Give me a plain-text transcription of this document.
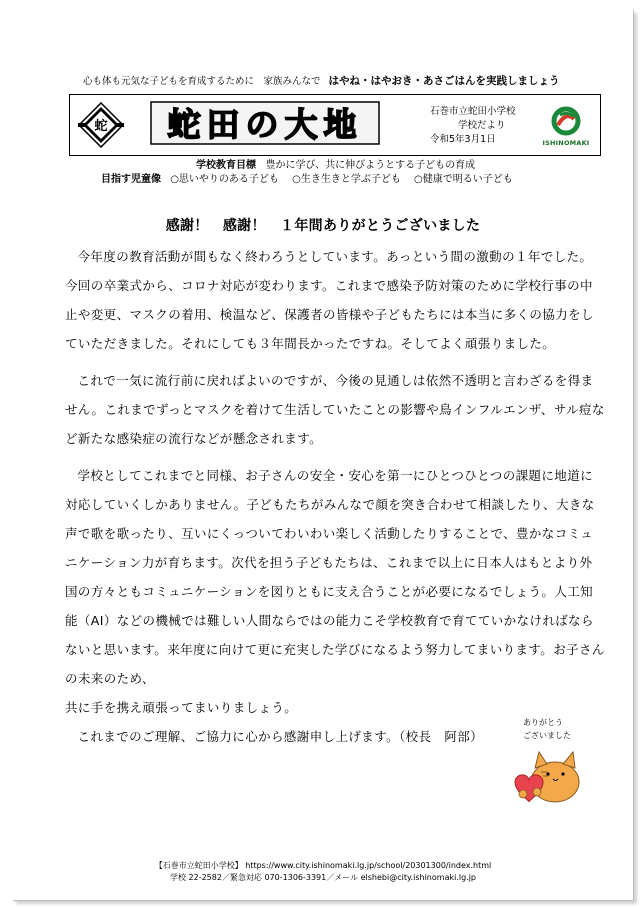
心も体も元気な子どもを育成するために　家族みんなで はやね・はやおき・あさごはんを実践しましょう
蛇 蛇田の大地	石巻市立蛇田小学校
学校だより
令和5年3月1日	ISHINOMAKI
学校教育目標 豊かに学び、共に伸びようとする子どもの育成
目指す児童像 ○思いやりのある子ども ○生き生きと学ぶ子ども ○健康で明るい子ども
感謝！　感謝！　１年間ありがとうございました

今年度の教育活動が間もなく終わろうとしています。あっという間の激動の１年でした。今回の卒業式から、コロナ対応が変わります。これまで感染予防対策のために学校行事の中止や変更、マスクの着用、検温など、保護者の皆様や子どもたちには本当に多くの協力をしていただきました。それにしても３年間長かったですね。そしてよく頑張りました。

これで一気に流行前に戻ればよいのですが、今後の見通しは依然不透明と言わざるを得ません。これまでずっとマスクを着けて生活していたことの影響や鳥インフルエンザ、サル痘など新たな感染症の流行などが懸念されます。

学校としてこれまでと同様、お子さんの安全・安心を第一にひとつひとつの課題に地道に対応していくしかありません。子どもたちがみんなで顔を突き合わせて相談したり、大きな声で歌を歌ったり、互いにくっついてわいわい楽しく活動したりすることで、豊かなコミュニケーション力が育ちます。次代を担う子どもたちは、これまで以上に日本人はもとより外国の方々ともコミュニケーションを図りともに支え合うことが必要になるでしょう。人工知能（AI）などの機械では難しい人間ならではの能力こそ学校教育で育てていかなければならないと思います。来年度に向けて更に充実した学びになるよう努力してまいります。お子さんの未来のため、
共に手を携え頑張ってまいりましょう。

これまでのご理解、ご協力に心から感謝申し上げます。（校長　阿部）

ありがとう
ございました
【石巻市立蛇田小学校】 https://www.city.ishinomaki.lg.jp/school/20301300/index.html
学校 22-2582／緊急対応 070-1306-3391／メール elshebi@city.ishinomaki.lg.jp
